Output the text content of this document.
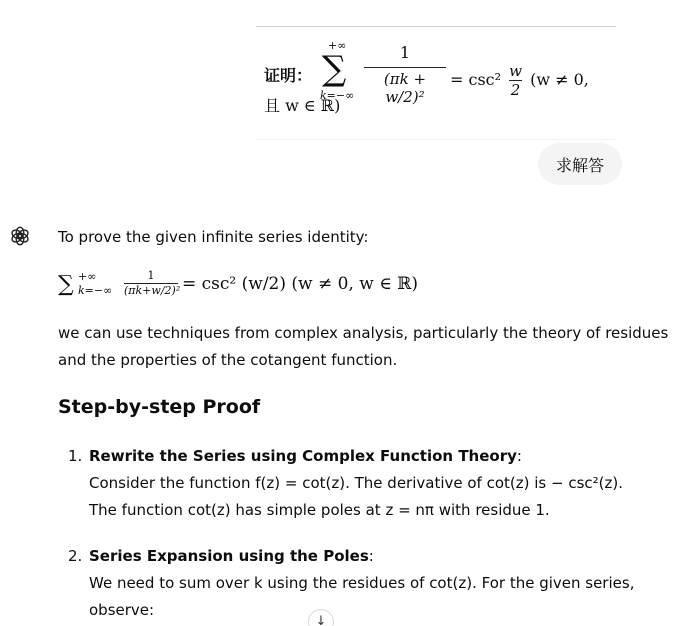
证明：
+∞
∑
k=−∞
1
(πk + w/2)²
= $\csc^2 \frac{w}{2} (w \ne 0$,
且 w ∈ ℝ)
求解答
To prove the given infinite series identity:
∑ +∞
k=−∞
1
(πk+w/2)² = csc² (w/2) (w ≠ 0, w ∈ ℝ)
we can use techniques from complex analysis, particularly the theory of residues
and the properties of the cotangent function.
Step-by-step Proof
1. Rewrite the Series using Complex Function Theory:
Consider the function f(z) = cot(z). The derivative of cot(z) is − csc²(z).
The function cot(z) has simple poles at z = nπ with residue 1.
2. Series Expansion using the Poles:
We need to sum over k using the residues of cot(z). For the given series,
observe:
↓
